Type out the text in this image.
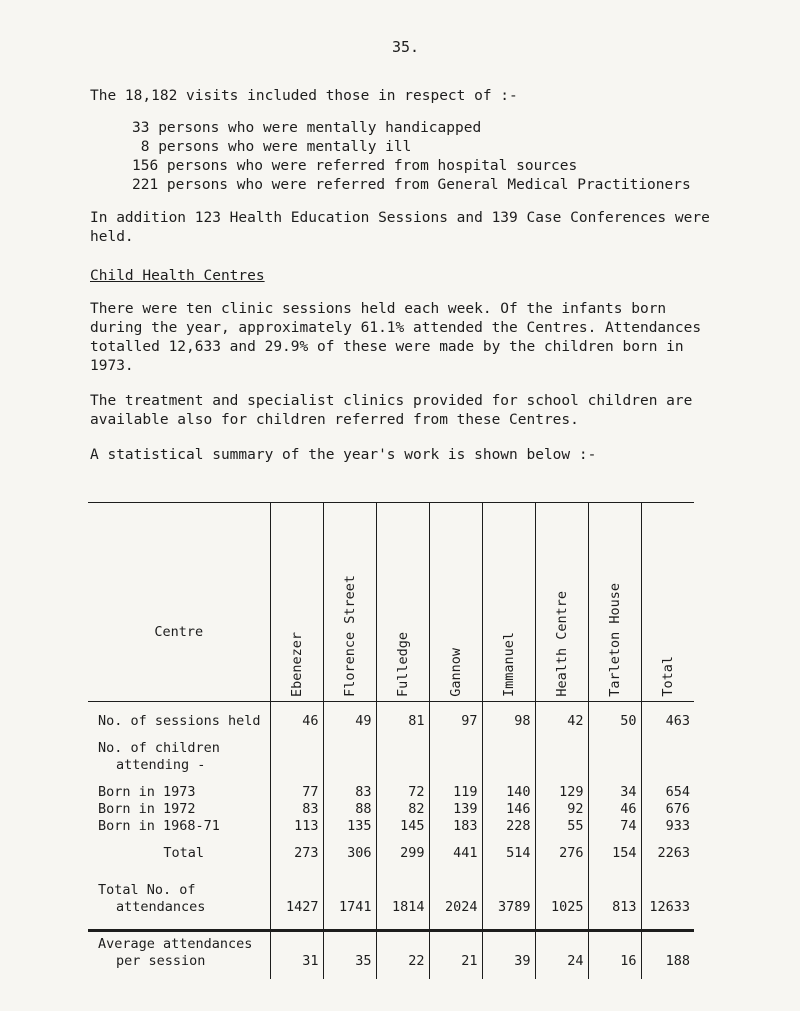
35.
The 18,182 visits included those in respect of :-
33 persons who were mentally handicapped
8 persons who were mentally ill
156 persons who were referred from hospital sources
221 persons who were referred from General Medical Practitioners
In addition 123 Health Education Sessions and 139 Case Conferences were
held.
Child Health Centres
There were ten clinic sessions held each week. Of the infants born
during the year, approximately 61.1% attended the Centres. Attendances
totalled 12,633 and 29.9% of these were made by the children born in
1973.
The treatment and specialist clinics provided for school children are
available also for children referred from these Centres.
A statistical summary of the year's work is shown below :-
Centre	Ebenezer	Florence Street	Fulledge	Gannow	Immanuel	Health Centre	Tarleton House	Total

No. of sessions held	46	49	81	97	98	42	50	463

No. of children								
attending -								

Born in 1973	77	83	72	119	140	129	34	654
Born in 1972	83	88	82	139	146	92	46	676
Born in 1968-71	113	135	145	183	228	55	74	933

Total	273	306	299	441	514	276	154	2263

Total No. of								
attendances	1427	1741	1814	2024	3789	1025	813	12633

Average attendances								
per session	31	35	22	21	39	24	16	188
